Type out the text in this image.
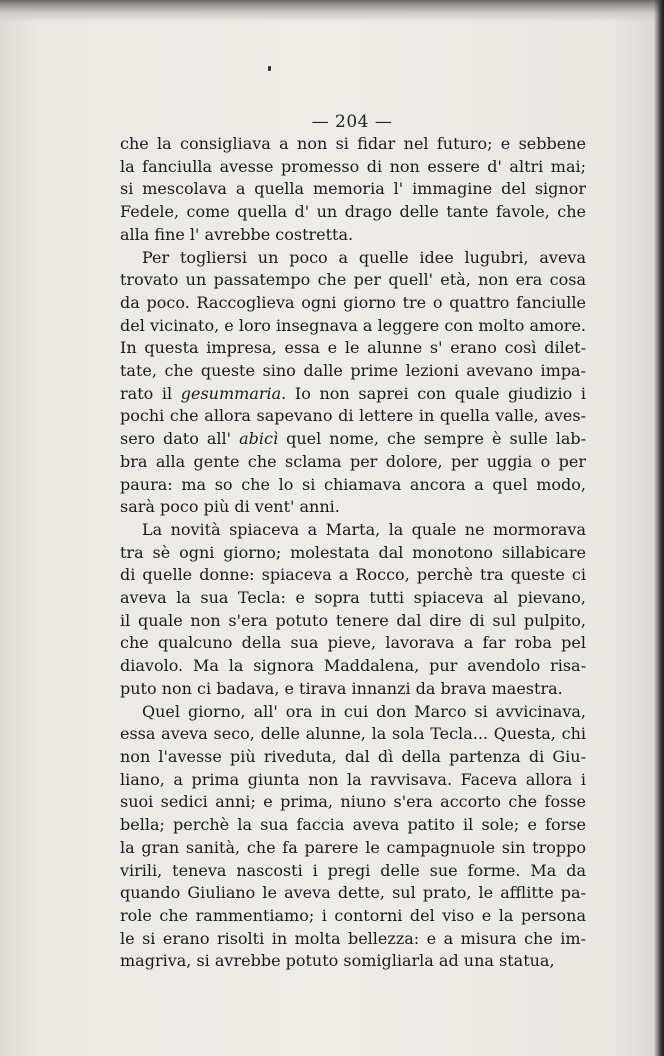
— 204 —

che la consigliava a non si fidar nel futuro; e sebbene
la fanciulla avesse promesso di non essere d' altri mai;
si mescolava a quella memoria l' immagine del signor
Fedele, come quella d' un drago delle tante favole, che
alla fine l' avrebbe costretta.

Per togliersi un poco a quelle idee lugubri, aveva
trovato un passatempo che per quell' età, non era cosa
da poco. Raccoglieva ogni giorno tre o quattro fanciulle
del vicinato, e loro insegnava a leggere con molto amore.
In questa impresa, essa e le alunne s' erano così dilet-
tate, che queste sino dalle prime lezioni avevano impa-
rato il gesummaria. Io non saprei con quale giudizio i
pochi che allora sapevano di lettere in quella valle, aves-
sero dato all' abicì quel nome, che sempre è sulle lab-
bra alla gente che sclama per dolore, per uggia o per
paura: ma so che lo si chiamava ancora a quel modo,
sarà poco più di vent' anni.

La novità spiaceva a Marta, la quale ne mormorava
tra sè ogni giorno; molestata dal monotono sillabicare
di quelle donne: spiaceva a Rocco, perchè tra queste ci
aveva la sua Tecla: e sopra tutti spiaceva al pievano,
il quale non s'era potuto tenere dal dire di sul pulpito,
che qualcuno della sua pieve, lavorava a far roba pel
diavolo. Ma la signora Maddalena, pur avendolo risa-
puto non ci badava, e tirava innanzi da brava maestra.

Quel giorno, all' ora in cui don Marco si avvicinava,
essa aveva seco, delle alunne, la sola Tecla... Questa, chi
non l'avesse più riveduta, dal dì della partenza di Giu-
liano, a prima giunta non la ravvisava. Faceva allora i
suoi sedici anni; e prima, niuno s'era accorto che fosse
bella; perchè la sua faccia aveva patito il sole; e forse
la gran sanità, che fa parere le campagnuole sin troppo
virili, teneva nascosti i pregi delle sue forme. Ma da
quando Giuliano le aveva dette, sul prato, le afflitte pa-
role che rammentiamo; i contorni del viso e la persona
le si erano risolti in molta bellezza: e a misura che im-
magriva, si avrebbe potuto somigliarla ad una statua,
